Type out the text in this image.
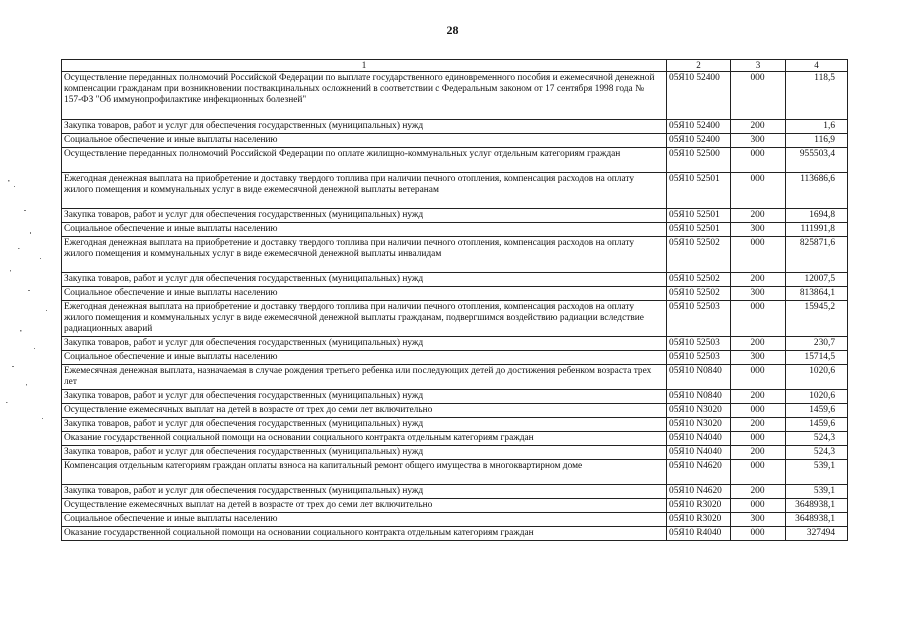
28
1	2	3	4
Осуществление переданных полномочий Российской Федерации по выплате государственного единовременного пособия и ежемесячной денежной компенсации гражданам при возникновении поствакцинальных осложнений в соответствии с Федеральным законом от 17 сентября 1998 года № 157-ФЗ "Об иммунопрофилактике инфекционных болезней"	05Я10 52400	000	118,5
Закупка товаров, работ и услуг для обеспечения государственных (муниципальных) нужд	05Я10 52400	200	1,6
Социальное обеспечение и иные выплаты населению	05Я10 52400	300	116,9
Осуществление переданных полномочий Российской Федерации по оплате жилищно-коммунальных услуг отдельным категориям граждан	05Я10 52500	000	955503,4
Ежегодная денежная выплата на приобретение и доставку твердого топлива при наличии печного отопления, компенсация расходов на оплату жилого помещения и коммунальных услуг в виде ежемесячной денежной выплаты ветеранам	05Я10 52501	000	113686,6
Закупка товаров, работ и услуг для обеспечения государственных (муниципальных) нужд	05Я10 52501	200	1694,8
Социальное обеспечение и иные выплаты населению	05Я10 52501	300	111991,8
Ежегодная денежная выплата на приобретение и доставку твердого топлива при наличии печного отопления, компенсация расходов на оплату жилого помещения и коммунальных услуг в виде ежемесячной денежной выплаты инвалидам	05Я10 52502	000	825871,6
Закупка товаров, работ и услуг для обеспечения государственных (муниципальных) нужд	05Я10 52502	200	12007,5
Социальное обеспечение и иные выплаты населению	05Я10 52502	300	813864,1
Ежегодная денежная выплата на приобретение и доставку твердого топлива при наличии печного отопления, компенсация расходов на оплату жилого помещения и коммунальных услуг в виде ежемесячной денежной выплаты гражданам, подвергшимся воздействию радиации вследствие радиационных аварий	05Я10 52503	000	15945,2
Закупка товаров, работ и услуг для обеспечения государственных (муниципальных) нужд	05Я10 52503	200	230,7
Социальное обеспечение и иные выплаты населению	05Я10 52503	300	15714,5
Ежемесячная денежная выплата, назначаемая в случае рождения третьего ребенка или последующих детей до достижения ребенком возраста трех лет	05Я10 N0840	000	1020,6
Закупка товаров, работ и услуг для обеспечения государственных (муниципальных) нужд	05Я10 N0840	200	1020,6
Осуществление ежемесячных выплат на детей в возрасте от трех до семи лет включительно	05Я10 N3020	000	1459,6
Закупка товаров, работ и услуг для обеспечения государственных (муниципальных) нужд	05Я10 N3020	200	1459,6
Оказание государственной социальной помощи на основании социального контракта отдельным категориям граждан	05Я10 N4040	000	524,3
Закупка товаров, работ и услуг для обеспечения государственных (муниципальных) нужд	05Я10 N4040	200	524,3
Компенсация отдельным категориям граждан оплаты взноса на капитальный ремонт общего имущества в многоквартирном доме	05Я10 N4620	000	539,1
Закупка товаров, работ и услуг для обеспечения государственных (муниципальных) нужд	05Я10 N4620	200	539,1
Осуществление ежемесячных выплат на детей в возрасте от трех до семи лет включительно	05Я10 R3020	000	3648938,1
Социальное обеспечение и иные выплаты населению	05Я10 R3020	300	3648938,1
Оказание государственной социальной помощи на основании социального контракта отдельным категориям граждан	05Я10 R4040	000	327494
